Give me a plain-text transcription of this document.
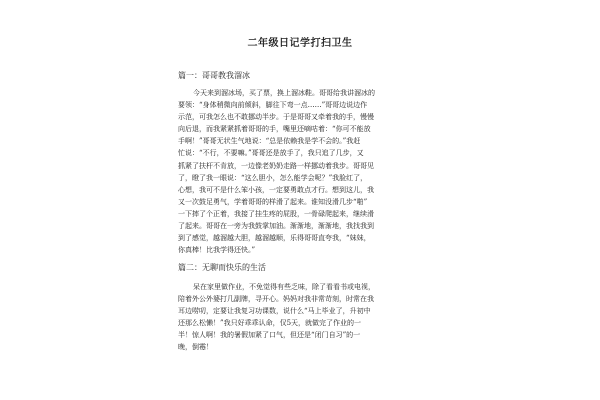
二年级日记学打扫卫生
篇一：哥哥教我溜冰
今天来到溜冰场，买了票，换上溜冰鞋。哥哥给我讲溜冰的
要领：“身体稍微向前倾斜，脚往下弯一点……”哥哥边说边作
示范，可我怎么也不敢挪动半步。于是哥哥又牵着我的手，慢慢
向后退，而我紧紧抓着哥哥的手，嘴里还嘀咕着：“你可不能放
手啊！”哥哥无状生气地说：“总是依赖我是学不会的。”我赶
忙说：“不行，不要嘛。”哥哥还是放手了，我只追了几步，又
抓紧了扶杆不肯放，一边像老奶奶走路一样挪动着我步。哥哥见
了，瞪了我一眼说：“这么胆小，怎么能学会呢？”我脸红了，
心想，我可不是什么笨小孩，一定要勇敢点才行。想到这儿，我
又一次鼓足勇气，学着哥哥的样滑了起来。谁知没滑几步“啪”
一下摔了个正着，我接了挂生疼的屁股，一骨碌爬起来，继续滑
了起来。哥哥在一旁为我鼓掌加油。渐渐地，渐渐地，我找我到
到了感觉，越溜越大胆，越溜越顺，乐得哥哥直夸我，“妹妹，
你真棒！比我学得还快。”
篇二：无聊而快乐的生活
呆在家里做作业，不免觉得有些乏味，除了看看书或电视，
陪着外公外婆打几副牌，寻开心。妈妈对我非常苛刻，时常在我
耳边唠叨，定要让我复习功课数，说什么“马上毕业了，升初中
还那么松懒！”我只好乖乖认命，仅5天，就做完了作业的一
半！惊人啊！我的暑假加紧了口气，但还是“闭门自习”的一
晚，倒霉！
